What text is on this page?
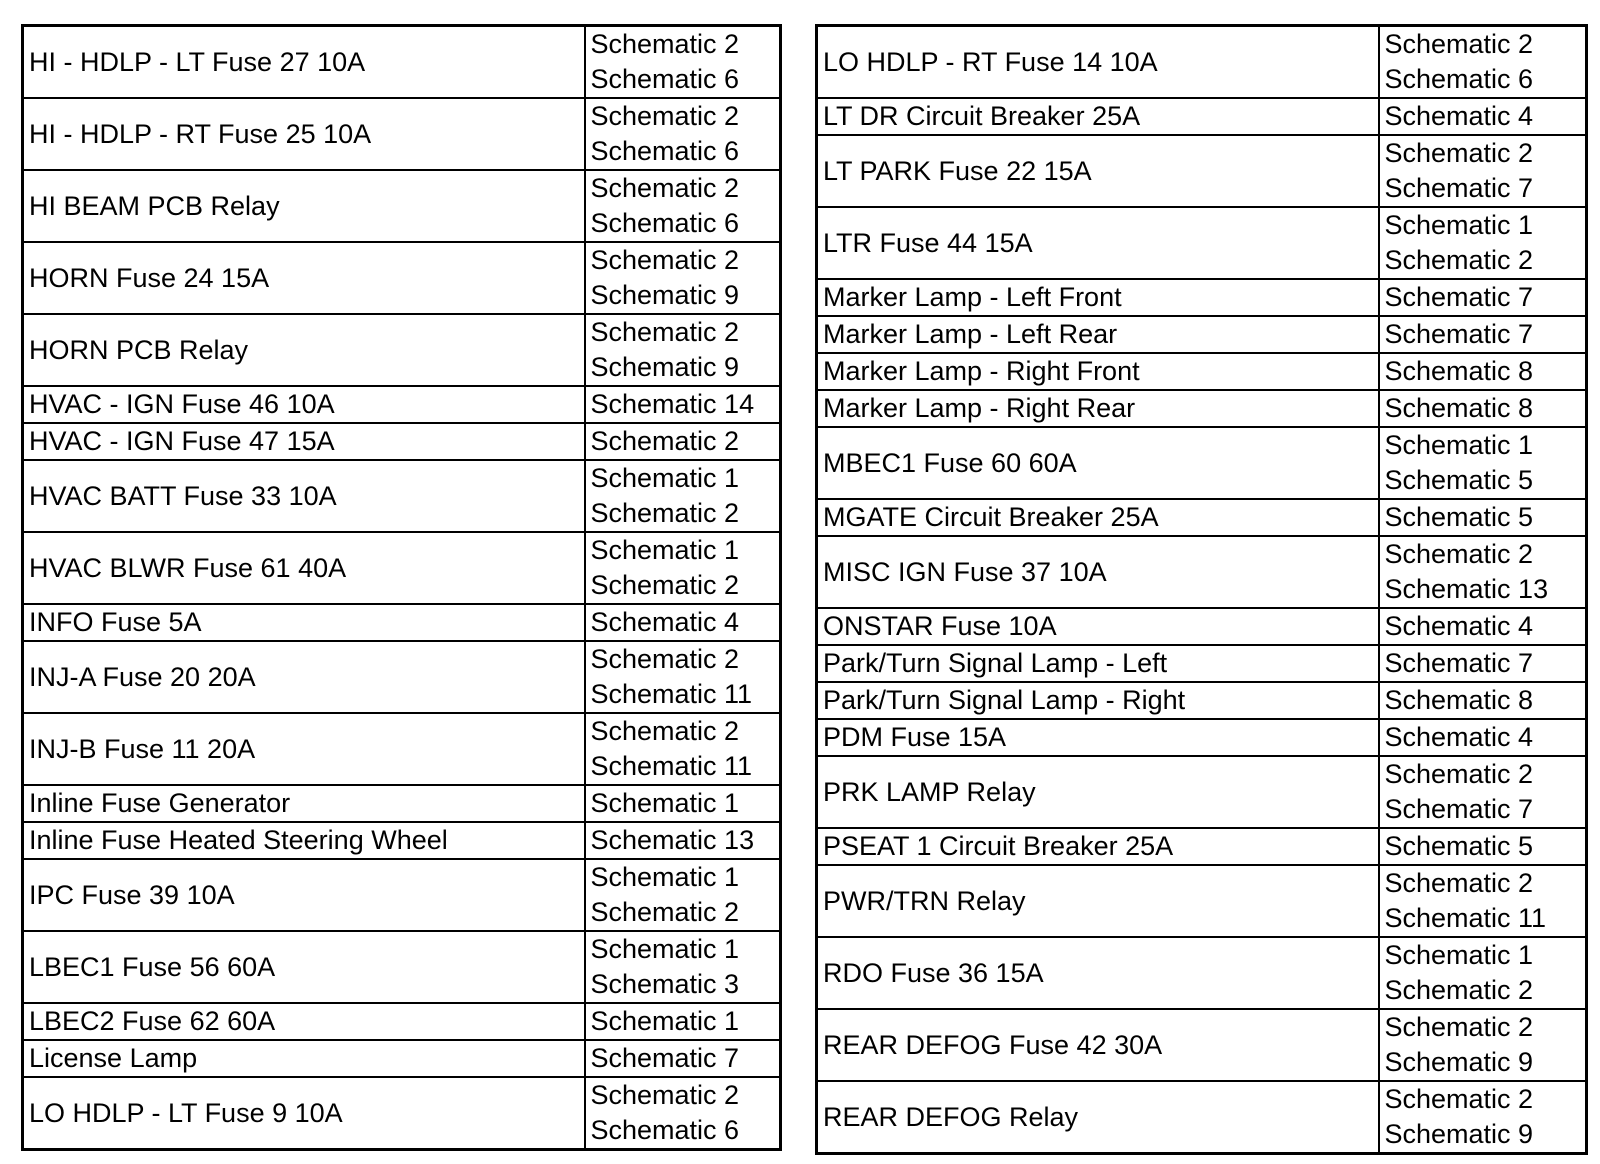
HI - HDLP - LT Fuse 27 10A	Schematic 2
Schematic 6

HI - HDLP - RT Fuse 25 10A	Schematic 2
Schematic 6

HI BEAM PCB Relay	Schematic 2
Schematic 6

HORN Fuse 24 15A	Schematic 2
Schematic 9

HORN PCB Relay	Schematic 2
Schematic 9

HVAC - IGN Fuse 46 10A	Schematic 14

HVAC - IGN Fuse 47 15A	Schematic 2

HVAC BATT Fuse 33 10A	Schematic 1
Schematic 2

HVAC BLWR Fuse 61 40A	Schematic 1
Schematic 2

INFO Fuse 5A	Schematic 4

INJ-A Fuse 20 20A	Schematic 2
Schematic 11

INJ-B Fuse 11 20A	Schematic 2
Schematic 11

Inline Fuse Generator	Schematic 1

Inline Fuse Heated Steering Wheel	Schematic 13

IPC Fuse 39 10A	Schematic 1
Schematic 2

LBEC1 Fuse 56 60A	Schematic 1
Schematic 3

LBEC2 Fuse 62 60A	Schematic 1

License Lamp	Schematic 7

LO HDLP - LT Fuse 9 10A	Schematic 2
Schematic 6
LO HDLP - RT Fuse 14 10A	Schematic 2
Schematic 6

LT DR Circuit Breaker 25A	Schematic 4

LT PARK Fuse 22 15A	Schematic 2
Schematic 7

LTR Fuse 44 15A	Schematic 1
Schematic 2

Marker Lamp - Left Front	Schematic 7

Marker Lamp - Left Rear	Schematic 7

Marker Lamp - Right Front	Schematic 8

Marker Lamp - Right Rear	Schematic 8

MBEC1 Fuse 60 60A	Schematic 1
Schematic 5

MGATE Circuit Breaker 25A	Schematic 5

MISC IGN Fuse 37 10A	Schematic 2
Schematic 13

ONSTAR Fuse 10A	Schematic 4

Park/Turn Signal Lamp - Left	Schematic 7

Park/Turn Signal Lamp - Right	Schematic 8

PDM Fuse 15A	Schematic 4

PRK LAMP Relay	Schematic 2
Schematic 7

PSEAT 1 Circuit Breaker 25A	Schematic 5

PWR/TRN Relay	Schematic 2
Schematic 11

RDO Fuse 36 15A	Schematic 1
Schematic 2

REAR DEFOG Fuse 42 30A	Schematic 2
Schematic 9

REAR DEFOG Relay	Schematic 2
Schematic 9
